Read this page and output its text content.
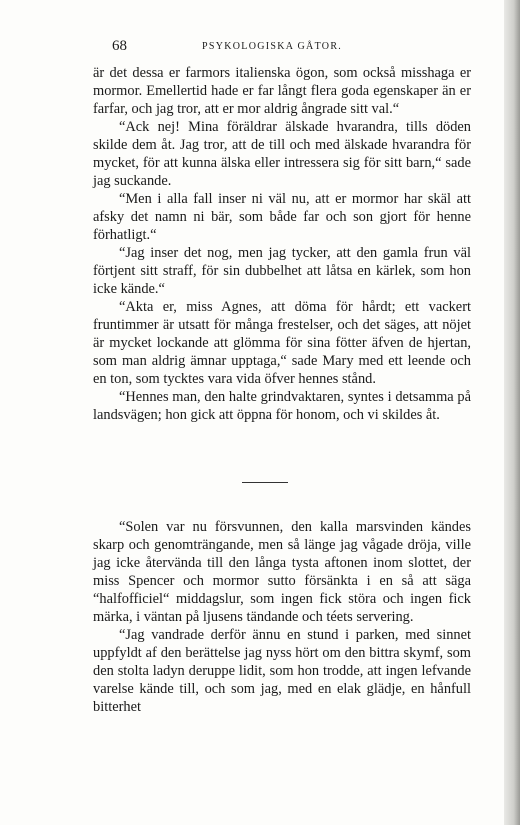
68	PSYKOLOGISKA GÅTOR.

är det dessa er farmors italienska ögon, som också misshaga er mormor. Emellertid hade er far långt flera goda egenskaper än er farfar, och jag tror, att er mor aldrig ångrade sitt val.“

“Ack nej! Mina föräldrar älskade hvarandra, tills döden skilde dem åt. Jag tror, att de till och med älskade hvarandra för mycket, för att kunna älska eller intressera sig för sitt barn,“ sade jag suckande.

“Men i alla fall inser ni väl nu, att er mormor har skäl att afsky det namn ni bär, som både far och son gjort för henne förhatligt.“

“Jag inser det nog, men jag tycker, att den gamla frun väl förtjent sitt straff, för sin dubbelhet att låtsa en kärlek, som hon icke kände.“

“Akta er, miss Agnes, att döma för hårdt; ett vackert fruntimmer är utsatt för många frestelser, och det säges, att nöjet är mycket lockande att glömma för sina fötter äfven de hjertan, som man aldrig ämnar upptaga,“ sade Mary med ett leende och en ton, som tycktes vara vida öfver hennes stånd.

“Hennes man, den halte grindvaktaren, syntes i detsamma på landsvägen; hon gick att öppna för honom, och vi skildes åt.

“Solen var nu försvunnen, den kalla marsvinden kändes skarp och genomträngande, men så länge jag vågade dröja, ville jag icke återvända till den långa tysta aftonen inom slottet, der miss Spencer och mormor sutto försänkta i en så att säga “halfofficiel“ middagslur, som ingen fick störa och ingen fick märka, i väntan på ljusens tändande och téets servering.

“Jag vandrade derför ännu en stund i parken, med sinnet uppfyldt af den berättelse jag nyss hört om den bittra skymf, som den stolta ladyn deruppe lidit, som hon trodde, att ingen lefvande varelse kände till, och som jag, med en elak glädje, en hånfull bitterhet
